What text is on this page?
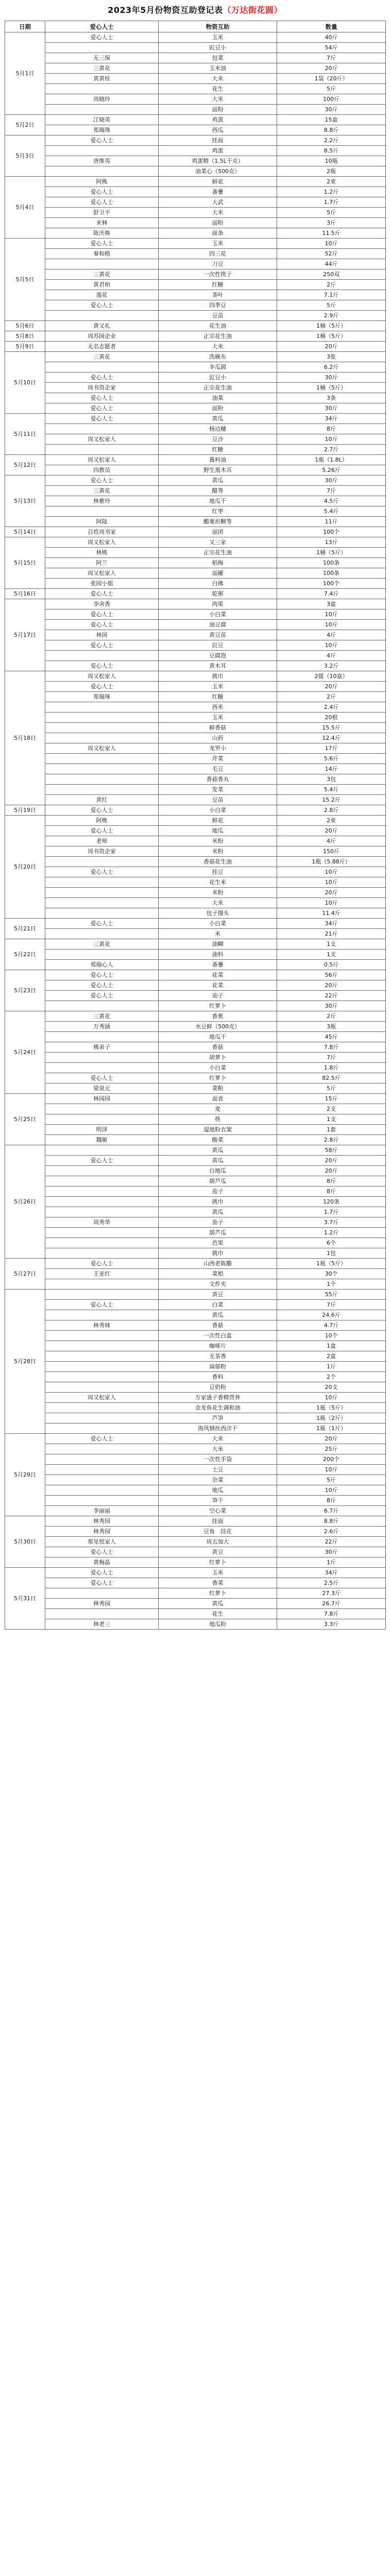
2023年5月份物资互助登记表（万达街花圆）
日期	爱心人士	物资互助	数量
5月1日	爱心人士	玉米	40斤
		豇豆小	54斤
	无三保	包菜	7斤
	三黄花	玉米油	20斤
	黄黄桂	大米	1袋（20斤）
		花生	5斤
	周晓玲	大米	100斤
		面粉	30斤
5月2日	江晓英	鸡蛋	15盒
	郑瑞珠	西瓜	8.8斤
5月3日	爱心人士	挂面	2.2斤
		鸡蛋	8.5斤
	唐维英	鸡蛋精（1.5L干克）	10瓶
		油菜心（500克）	2瓶
5月4日	阿桃	鲜花	2束
	爱心人士	番薯	1.2斤
	爱心人士	大武	1.7斤
	舒卫平	大米	5斤
	米林	面粉	3斤
	陈庆焕	面条	11.5斤
5月5日	爱心人士	玉米	10斤
	秦和格	四三花	52斤
		刀豆	44斤
	三黄花	一次性筷子	250双
	黄君柏	红糖	2斤
	莲花	茶叶	7.1斤
	爱心人士	四季豆	5斤
		豆苗	2.9斤
5月6日	黄又礼	花生油	1桶（5斤）
5月8日	周苏园企业	正宗花生油	1桶（5斤）
5月9日	无名志愿者	大米	20斤
5月10日	三黄花	洗碗布	3张
		冬瓜圆	6.2斤
	爱心人士	豇豆小	30斤
	周书资企家	正宗花生油	1桶（5斤）
	爱心人士	油菜	3条
	爱心人士	面粉	30斤
5月11日	爱心人士	黄瓜	34斤
		杨边穗	8斤
	周又松家人	豆沙	10斤
		红糖	2.7斤
5月12日	周又松家人	酱料油	1瓶（1.8L）
	四教员	野生黑木耳	5.26斤
5月13日	爱心人士	黄瓜	30斤
	三黄花	醋等	7斤
	林雅玲	地瓜干	4.5斤
		红枣	5.4斤
	阿陆	醋栗形颗等	11斤
5月14日	百姓周书家	面团	100个
5月15日	周又松家人	又三家	13斤
	林桃	正宗花生油	1桶（5斤）
	阿兰	稻梅	100条
	周又松家人	面罐	100条
	张园小姐	白佛	100个
5月16日	爱心人士	乾粥	7.4斤
5月17日	李舍香	肉果	3盒
	爱心人士	小白菜	10斤
	爱心人士	油豆腐	10斤
	林园	黄豆苗	4斤
	爱心人士	豇豆	10斤
		豆腐泡	4斤
	爱心人士	黄木耳	3.2斤
5月18日	周又松家人	挑巾	2提（10盒）
	爱心人士	玉米	20斤
	郑瑞珠	红糖	2斤
		西米	2.4斤
		玉米	20根
		鲜香菇	15.5斤
		山药	12.4斤
	周又松家人	龙罗小	17斤
		芹菜	5.6斤
		毛豆	14斤
		香菇香丸	3包
		发菜	5.4斤
	黄红	豆苗	15.2斤
5月19日	爱心人士	小白菜	2.8斤
5月20日	阿桃	鲜花	2束
	爱心人士	地瓜	20斤
	老师	米粉	4斤
	周书资企家	米粉	150斤
		香菇花生油	1瓶（5.88斤）
	爱心人士	挂豆	10斤
		花生米	10斤
		米粉	20斤
		大米	10斤
		包子馒头	11.4斤
5月21日	爱心人士	小白菜	34斤
		米	21斤
5月22日	三黄花	油糊	1支
		油料	1支
	郑瑞心人	番薯	0.5斤
5月23日	爱心人士	花菜	56斤
	爱心人士	花菜	20斤
	爱心人士	茄子	22斤
		红萝卜	30斤
5月24日	三黄花	香蕉	2斤
	万秀涵	水豆鲜（500克）	3瓶
		地瓜干	45斤
	佛弟子	香菇	7.8斤
		胡萝卜	7斤
		小白菜	1.8斤
	爱心人士	红萝卜	82.5斤
	梁泉元	菜粕	5斤
5月25日	林园园	面食	15斤
		麦	2支
		筷	1支
	明泽	湿地粉衣架	1套
	魏敏	酸菜	2.8斤
5月26日		黄瓜	58斤
	爱心人士	黄瓜	20斤
		白地瓜	20斤
		葫芦瓜	8斤
		茄子	8斤
		挑巾	120条
		黄瓜	1.7斤
	周秀华	茄子	3.7斤
		葫芦瓜	1.2斤
		芭果	6个
		挑巾	1包
5月27日	爱心人士	山西老陈醋	1瓶（5斤）
	王亚红	菜根	30个
		文件夹	1个
5月28日		黄豆	55斤
	爱心人士	白菜	7斤
		黄瓜	24.6斤
	林秀妹	香菇	4.7斤
		一次性白盒	10个
		咖啡片	1盒
		无茶香	2盒
		扁郁粉	1斤
		香料	2个
		豆奶粉	20支
	周又松家人	万家盛子香精营养	10斤
		金龙鱼花生调和油	1瓶（5斤）
		芦笋	1瓶（2斤）
		海风钢丝西洋干	1瓶（1斤）
5月29日	爱心人士	大米	20斤
		大米	25斤
		一次性手袋	200个
		土豆	10斤
		杂菜	5斤
		地瓜	10斤
		笋干	8斤
	李丽丽	空心菜	6.7斤
5月30日	林秀园	挂面	8.8斤
	林秀园	豆角　挂花	2.6斤
	郑见悦家人	周五加大	22斤
	爱心人士	黄豆	30斤
	黄梅晶	红萝卜	1斤
5月31日	爱心人士	玉米	34斤
	爱心人士	香菜	2.5斤
		红萝卜	27.3斤
	林秀园	黄瓜	26.7斤
		花生	7.8斤
	林老三	地瓜粉	3.3斤
